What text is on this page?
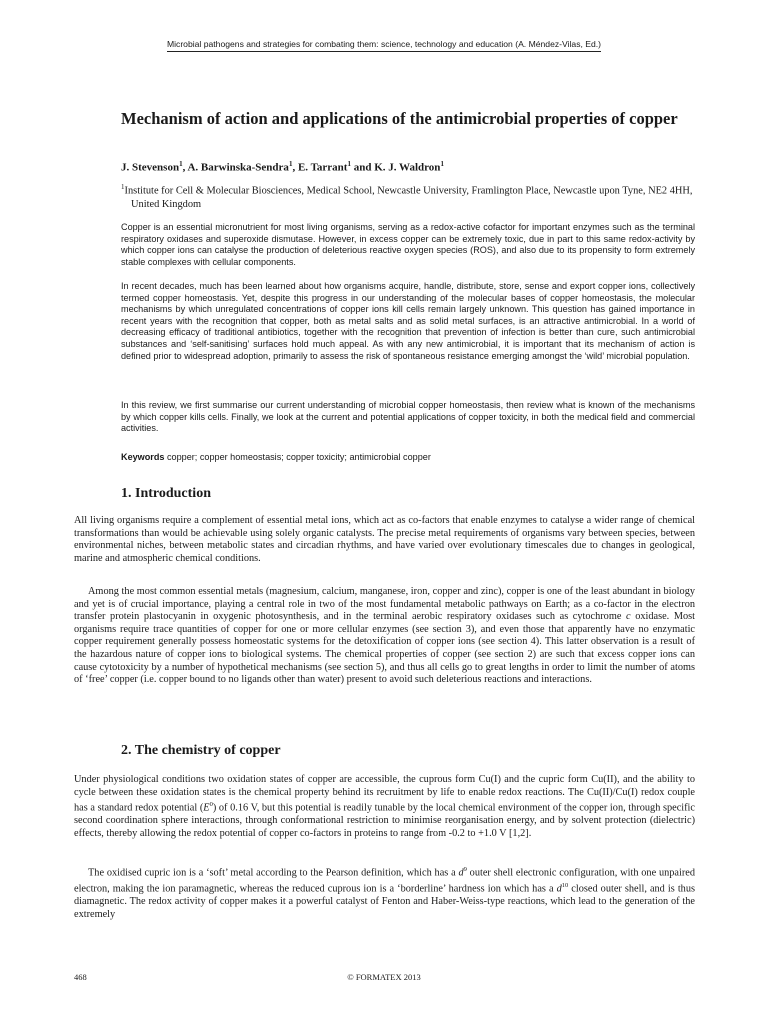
Microbial pathogens and strategies for combating them: science, technology and education (A. Méndez-Vilas, Ed.)
Mechanism of action and applications of the antimicrobial properties of copper

J. Stevenson$^1$, A. Barwinska-Sendra$^1$, E. Tarrant$^1$ and K. J. Waldron$^1$

$^1$Institute for Cell & Molecular Biosciences, Medical School, Newcastle University, Framlington Place, Newcastle upon Tyne, NE2 4HH, United Kingdom

Copper is an essential micronutrient for most living organisms, serving as a redox-active cofactor for important enzymes such as the terminal respiratory oxidases and superoxide dismutase. However, in excess copper can be extremely toxic, due in part to this same redox-activity by which copper ions can catalyse the production of deleterious reactive oxygen species (ROS), and also due to its propensity to form extremely stable complexes with cellular components.

In recent decades, much has been learned about how organisms acquire, handle, distribute, store, sense and export copper ions, collectively termed copper homeostasis. Yet, despite this progress in our understanding of the molecular bases of copper homeostasis, the molecular mechanisms by which unregulated concentrations of copper ions kill cells remain largely unknown. This question has gained importance in recent years with the recognition that copper, both as metal salts and as solid metal surfaces, is an attractive antimicrobial. In a world of decreasing efficacy of traditional antibiotics, together with the recognition that prevention of infection is better than cure, such antimicrobial substances and ‘self-sanitising’ surfaces hold much appeal. As with any new antimicrobial, it is important that its mechanism of action is defined prior to widespread adoption, primarily to assess the risk of spontaneous resistance emerging amongst the ‘wild’ microbial population.

In this review, we first summarise our current understanding of microbial copper homeostasis, then review what is known of the mechanisms by which copper kills cells. Finally, we look at the current and potential applications of copper toxicity, in both the medical field and commercial activities.

Keywords copper; copper homeostasis; copper toxicity; antimicrobial copper

1. Introduction

All living organisms require a complement of essential metal ions, which act as co-factors that enable enzymes to catalyse a wider range of chemical transformations than would be achievable using solely organic catalysts. The precise metal requirements of organisms vary between species, between environmental niches, between metabolic states and circadian rhythms, and have varied over evolutionary timescales due to changes in geological, marine and atmospheric chemical conditions.

Among the most common essential metals (magnesium, calcium, manganese, iron, copper and zinc), copper is one of the least abundant in biology and yet is of crucial importance, playing a central role in two of the most fundamental metabolic pathways on Earth; as a co-factor in the electron transfer protein plastocyanin in oxygenic photosynthesis, and in the terminal aerobic respiratory oxidases such as cytochrome c oxidase. Most organisms require trace quantities of copper for one or more cellular enzymes (see section 3), and even those that apparently have no enzymatic copper requirement generally possess homeostatic systems for the detoxification of copper ions (see section 4). This latter observation is a result of the hazardous nature of copper ions to biological systems. The chemical properties of copper (see section 2) are such that excess copper ions can cause cytotoxicity by a number of hypothetical mechanisms (see section 5), and thus all cells go to great lengths in order to limit the number of atoms of ‘free’ copper (i.e. copper bound to no ligands other than water) present to avoid such deleterious reactions and interactions.

2. The chemistry of copper

Under physiological conditions two oxidation states of copper are accessible, the cuprous form Cu(I) and the cupric form Cu(II), and the ability to cycle between these oxidation states is the chemical property behind its recruitment by life to enable redox reactions. The Cu(II)/Cu(I) redox couple has a standard redox potential $(E^0)$ of 0.16 V, but this potential is readily tunable by the local chemical environment of the copper ion, through specific second coordination sphere interactions, through conformational restriction to minimise reorganisation energy, and by solvent protection (dielectric) effects, thereby allowing the redox potential of copper co-factors in proteins to range from -0.2 to +1.0 V [1,2].

The oxidised cupric ion is a ‘soft’ metal according to the Pearson definition, which has a $d^9$ outer shell electronic configuration, with one unpaired electron, making the ion paramagnetic, whereas the reduced cuprous ion is a ‘borderline’ hardness ion which has a $d^{10}$ closed outer shell, and is thus diamagnetic. The redox activity of copper makes it a powerful catalyst of Fenton and Haber-Weiss-type reactions, which lead to the generation of the extremely

468	© FORMATEX 2013
